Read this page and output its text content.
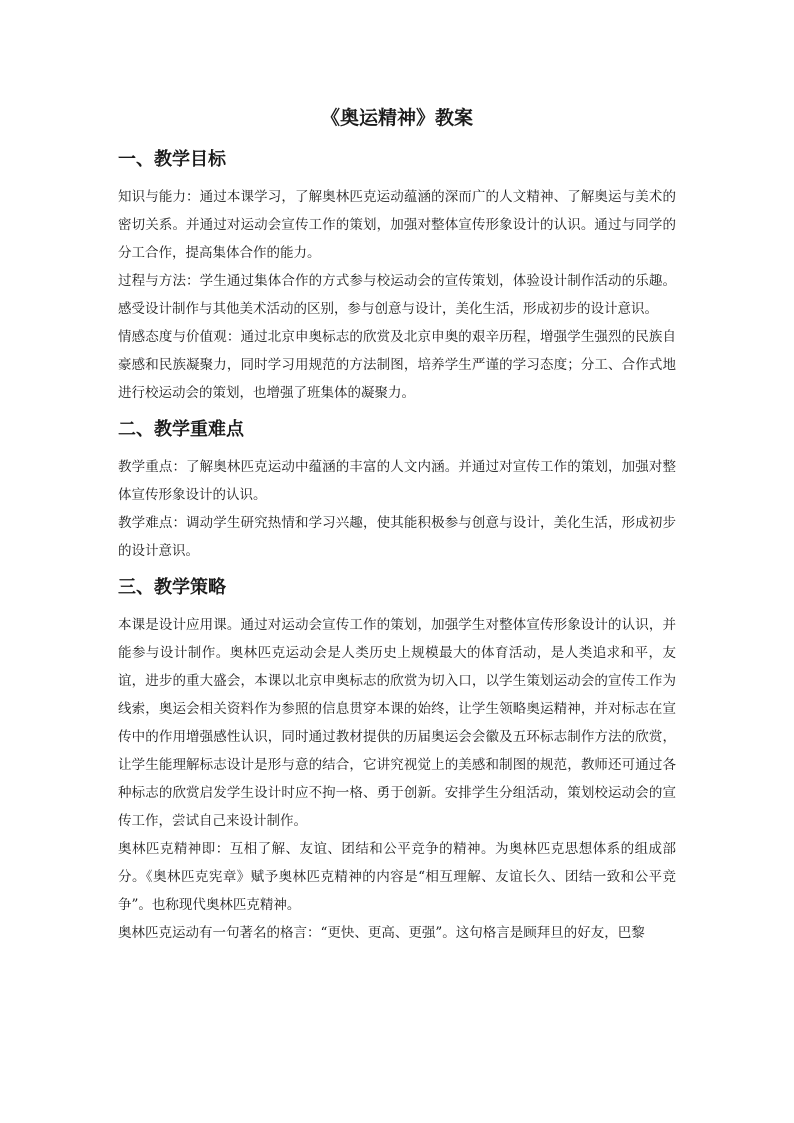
《奥运精神》教案
一、教学目标

知识与能力：通过本课学习，了解奥林匹克运动蕴涵的深而广的人文精神、了解奥运与美术的密切关系。并通过对运动会宣传工作的策划，加强对整体宣传形象设计的认识。通过与同学的分工合作，提高集体合作的能力。

过程与方法：学生通过集体合作的方式参与校运动会的宣传策划，体验设计制作活动的乐趣。感受设计制作与其他美术活动的区别，参与创意与设计，美化生活，形成初步的设计意识。

情感态度与价值观：通过北京申奥标志的欣赏及北京申奥的艰辛历程，增强学生强烈的民族自豪感和民族凝聚力，同时学习用规范的方法制图，培养学生严谨的学习态度；分工、合作式地进行校运动会的策划，也增强了班集体的凝聚力。

二、教学重难点

教学重点：了解奥林匹克运动中蕴涵的丰富的人文内涵。并通过对宣传工作的策划，加强对整体宣传形象设计的认识。

教学难点：调动学生研究热情和学习兴趣，使其能积极参与创意与设计，美化生活，形成初步的设计意识。

三、教学策略

本课是设计应用课。通过对运动会宣传工作的策划，加强学生对整体宣传形象设计的认识，并能参与设计制作。奥林匹克运动会是人类历史上规模最大的体育活动，是人类追求和平，友谊，进步的重大盛会，本课以北京申奥标志的欣赏为切入口，以学生策划运动会的宣传工作为线索，奥运会相关资料作为参照的信息贯穿本课的始终，让学生领略奥运精神，并对标志在宣传中的作用增强感性认识，同时通过教材提供的历届奥运会会徽及五环标志制作方法的欣赏，让学生能理解标志设计是形与意的结合，它讲究视觉上的美感和制图的规范，教师还可通过各种标志的欣赏启发学生设计时应不拘一格、勇于创新。安排学生分组活动，策划校运动会的宣传工作，尝试自己来设计制作。

奥林匹克精神即：互相了解、友谊、团结和公平竞争的精神。为奥林匹克思想体系的组成部分。《奥林匹克宪章》赋予奥林匹克精神的内容是“相互理解、友谊长久、团结一致和公平竞争”。也称现代奥林匹克精神。

奥林匹克运动有一句著名的格言：“更快、更高、更强”。这句格言是顾拜旦的好友，巴黎
